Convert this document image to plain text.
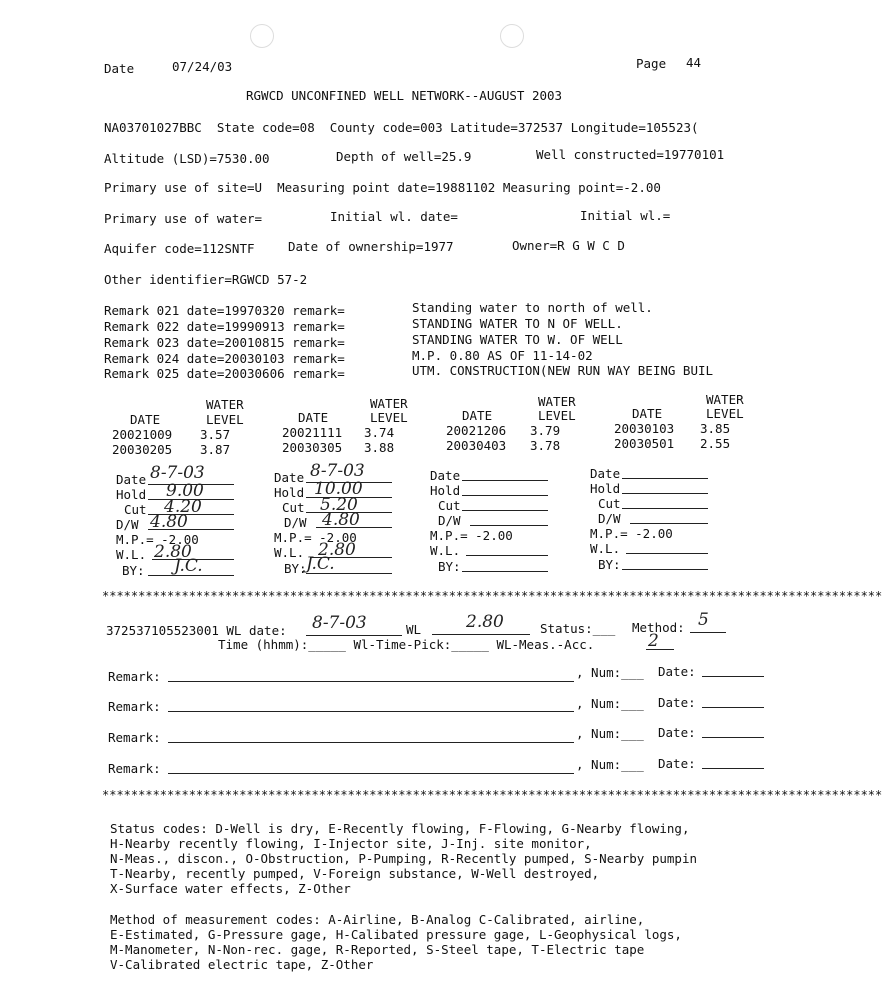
Date	07/24/03	Page 44
RGWCD UNCONFINED WELL NETWORK--AUGUST 2003
NA03701027BBC  State code=08  County code=003 Latitude=372537 Longitude=105523(
Altitude (LSD)=7530.00	Depth of well=25.9	Well constructed=19770101
Primary use of site=U  Measuring point date=19881102 Measuring point=-2.00
Primary use of water=	Initial wl. date=	Initial wl.=
Aquifer code=112SNTF	Date of ownership=1977	Owner=R G W C D
Other identifier=RGWCD 57-2
Remark 021 date=19970320 remark=	Standing water to north of well.
Remark 022 date=19990913 remark=	STANDING WATER TO N OF WELL.
Remark 023 date=20010815 remark=	STANDING WATER TO W. OF WELL
Remark 024 date=20030103 remark=	M.P. 0.80 AS OF 11-14-02
Remark 025 date=20030606 remark=	UTM. CONSTRUCTION(NEW RUN WAY BEING BUIL
WATER
DATE	LEVEL
20021009 3.57
20030205 3.87
WATER
DATE	LEVEL
20021111 3.74
20030305 3.88
WATER
DATE	LEVEL
20021206 3.79
20030403 3.78
WATER
DATE	LEVEL
20030103 3.85
20030501 2.55
Date 8-7-03
Hold 9.00
Cut 4.20
D/W 4.80
M.P.= -2.00
W.L. 2.80
BY: J.C.
Date 8-7-03
Hold 10.00
Cut 5.20
D/W 4.80
M.P.= -2.00
W.L. 2.80
BY: J.C.
Date
Hold
Cut
D/W
M.P.= -2.00
W.L.
BY:
Date
Hold
Cut
D/W
M.P.= -2.00
W.L.
BY:
************************************************************************************************************
372537105523001 WL date: 8-7-03	WL	2.80	Status:___ Method: 5
Time (hhmm):_____ Wl-Time-Pick:_____ WL-Meas.-Acc.	2
Remark:	, Num:___ Date:
Remark:	, Num:___ Date:
Remark:	, Num:___ Date:
Remark:	, Num:___ Date:
************************************************************************************************************
Status codes: D-Well is dry, E-Recently flowing, F-Flowing, G-Nearby flowing,
H-Nearby recently flowing, I-Injector site, J-Inj. site monitor,
N-Meas., discon., O-Obstruction, P-Pumping, R-Recently pumped, S-Nearby pumpin
T-Nearby, recently pumped, V-Foreign substance, W-Well destroyed,
X-Surface water effects, Z-Other
Method of measurement codes: A-Airline, B-Analog C-Calibrated, airline,
E-Estimated, G-Pressure gage, H-Calibated pressure gage, L-Geophysical logs,
M-Manometer, N-Non-rec. gage, R-Reported, S-Steel tape, T-Electric tape
V-Calibrated electric tape, Z-Other
